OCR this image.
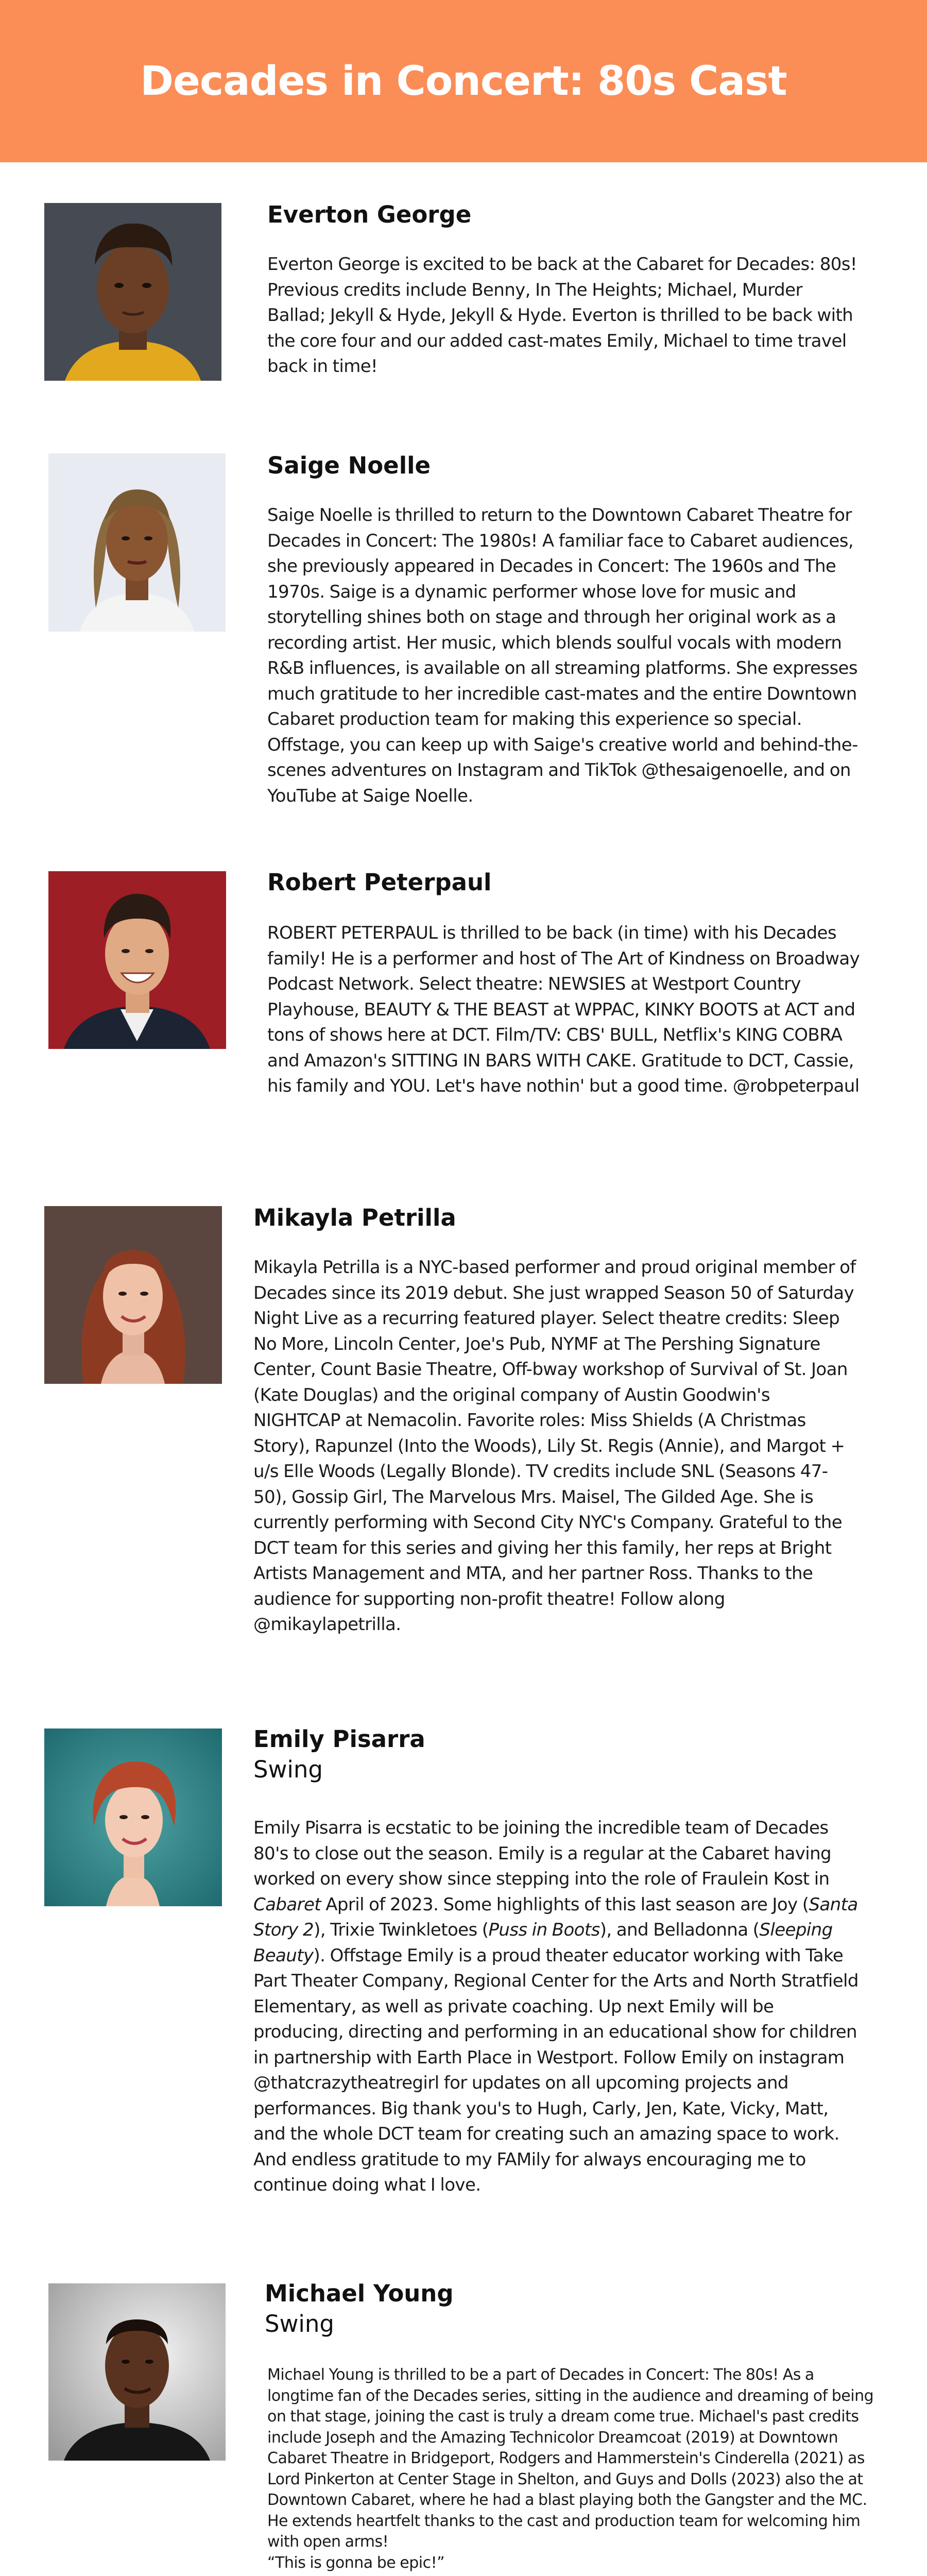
Decades in Concert: 80s Cast
Everton George

Everton George is excited to be back at the Cabaret for Decades: 80s! Previous credits include Benny, In The Heights; Michael, Murder Ballad; Jekyll & Hyde, Jekyll & Hyde. Everton is thrilled to be back with the core four and our added cast-mates Emily, Michael to time travel back in time!

Saige Noelle

Saige Noelle is thrilled to return to the Downtown Cabaret Theatre for Decades in Concert: The 1980s! A familiar face to Cabaret audiences, she previously appeared in Decades in Concert: The 1960s and The 1970s. Saige is a dynamic performer whose love for music and storytelling shines both on stage and through her original work as a recording artist. Her music, which blends soulful vocals with modern R&B influences, is available on all streaming platforms. She expresses much gratitude to her incredible cast-mates and the entire Downtown Cabaret production team for making this experience so special. Offstage, you can keep up with Saige's creative world and behind-the-scenes adventures on Instagram and TikTok @thesaigenoelle, and on YouTube at Saige Noelle.

Robert Peterpaul

ROBERT PETERPAUL is thrilled to be back (in time) with his Decades family! He is a performer and host of The Art of Kindness on Broadway Podcast Network. Select theatre: NEWSIES at Westport Country Playhouse, BEAUTY & THE BEAST at WPPAC, KINKY BOOTS at ACT and tons of shows here at DCT. Film/TV: CBS' BULL, Netflix's KING COBRA and Amazon's SITTING IN BARS WITH CAKE. Gratitude to DCT, Cassie, his family and YOU. Let's have nothin' but a good time. @robpeterpaul

Mikayla Petrilla

Mikayla Petrilla is a NYC-based performer and proud original member of Decades since its 2019 debut. She just wrapped Season 50 of Saturday Night Live as a recurring featured player. Select theatre credits: Sleep No More, Lincoln Center, Joe's Pub, NYMF at The Pershing Signature Center, Count Basie Theatre, Off-bway workshop of Survival of St. Joan (Kate Douglas) and the original company of Austin Goodwin's NIGHTCAP at Nemacolin. Favorite roles: Miss Shields (A Christmas Story), Rapunzel (Into the Woods), Lily St. Regis (Annie), and Margot + u/s Elle Woods (Legally Blonde). TV credits include SNL (Seasons 47-50), Gossip Girl, The Marvelous Mrs. Maisel, The Gilded Age. She is currently performing with Second City NYC's Company. Grateful to the DCT team for this series and giving her this family, her reps at Bright Artists Management and MTA, and her partner Ross. Thanks to the audience for supporting non-profit theatre! Follow along @mikaylapetrilla.

Emily Pisarra

Swing

Emily Pisarra is ecstatic to be joining the incredible team of Decades 80's to close out the season. Emily is a regular at the Cabaret having worked on every show since stepping into the role of Fraulein Kost in Cabaret April of 2023. Some highlights of this last season are Joy (Santa Story 2), Trixie Twinkletoes (Puss in Boots), and Belladonna (Sleeping Beauty). Offstage Emily is a proud theater educator working with Take Part Theater Company, Regional Center for the Arts and North Stratfield Elementary, as well as private coaching. Up next Emily will be producing, directing and performing in an educational show for children in partnership with Earth Place in Westport. Follow Emily on instagram @thatcrazytheatregirl for updates on all upcoming projects and performances. Big thank you's to Hugh, Carly, Jen, Kate, Vicky, Matt, and the whole DCT team for creating such an amazing space to work. And endless gratitude to my FAMily for always encouraging me to continue doing what I love.

Michael Young

Swing

Michael Young is thrilled to be a part of Decades in Concert: The 80s! As a longtime fan of the Decades series, sitting in the audience and dreaming of being on that stage, joining the cast is truly a dream come true. Michael's past credits include Joseph and the Amazing Technicolor Dreamcoat (2019) at Downtown Cabaret Theatre in Bridgeport, Rodgers and Hammerstein's Cinderella (2021) as Lord Pinkerton at Center Stage in Shelton, and Guys and Dolls (2023) also the at Downtown Cabaret, where he had a blast playing both the Gangster and the MC. He extends heartfelt thanks to the cast and production team for welcoming him with open arms!

“This is gonna be epic!”
